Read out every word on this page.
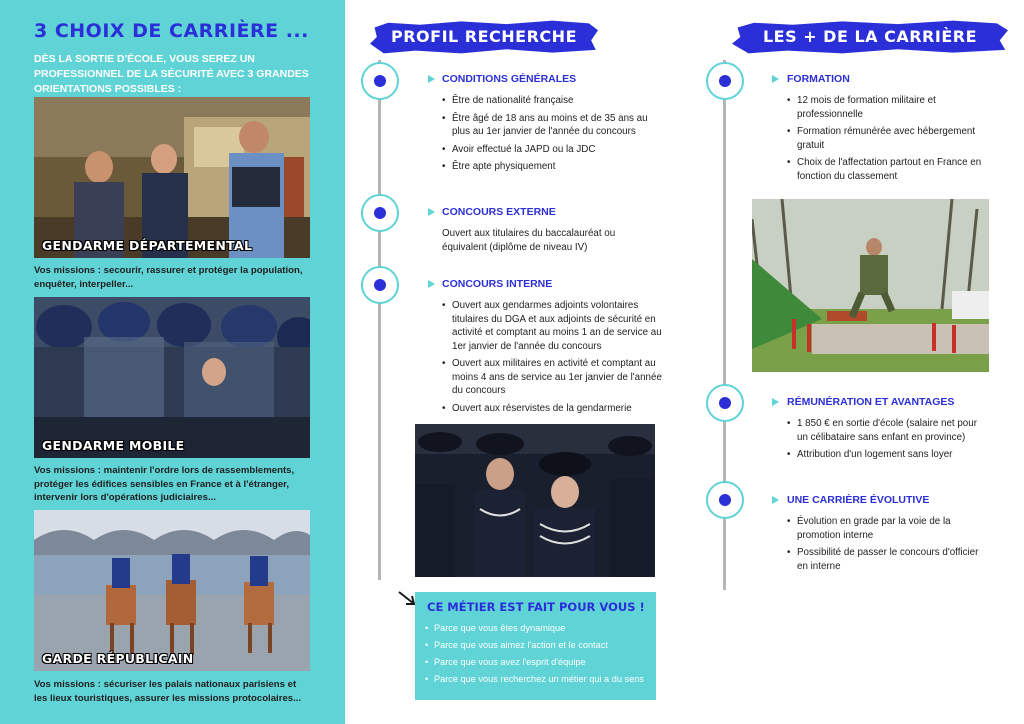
3 CHOIX DE CARRIÈRE ...
DÈS LA SORTIE D'ÉCOLE, VOUS SEREZ UN PROFESSIONNEL DE LA SÉCURITÉ AVEC 3 GRANDES ORIENTATIONS POSSIBLES :
GENDARME DÉPARTEMENTAL
Vos missions : secourir, rassurer et protéger la population, enquêter, interpeller...
GENDARME MOBILE
Vos missions : maintenir l'ordre lors de rassemblements, protéger les édifices sensibles en France et à l'étranger, intervenir lors d'opérations judiciaires...
GARDE RÉPUBLICAIN
Vos missions : sécuriser les palais nationaux parisiens et les lieux touristiques, assurer les missions protocolaires...
PROFIL RECHERCHE
CONDITIONS GÉNÉRALES
• Être de nationalité française
• Être âgé de 18 ans au moins et de 35 ans au plus au 1er janvier de l'année du concours
• Avoir effectué la JAPD ou la JDC
• Être apte physiquement
CONCOURS EXTERNE
Ouvert aux titulaires du baccalauréat ou équivalent (diplôme de niveau IV)
CONCOURS INTERNE
• Ouvert aux gendarmes adjoints volontaires titulaires du DGA et aux adjoints de sécurité en activité et comptant au moins 1 an de service au 1er janvier de l'année du concours
• Ouvert aux militaires en activité et comptant au moins 4 ans de service au 1er janvier de l'année du concours
• Ouvert aux réservistes de la gendarmerie
CE MÉTIER EST FAIT POUR VOUS !
• Parce que vous êtes dynamique
• Parce que vous aimez l'action et le contact
• Parce que vous avez l'esprit d'équipe
• Parce que vous recherchez un métier qui a du sens
LES + DE LA CARRIÈRE
FORMATION
• 12 mois de formation militaire et professionnelle
• Formation rémunérée avec hébergement gratuit
• Choix de l'affectation partout en France en fonction du classement
RÉMUNÉRATION ET AVANTAGES
• 1 850 € en sortie d'école (salaire net pour un célibataire sans enfant en province)
• Attribution d'un logement sans loyer
UNE CARRIÈRE ÉVOLUTIVE
• Évolution en grade par la voie de la promotion interne
• Possibilité de passer le concours d'officier en interne
